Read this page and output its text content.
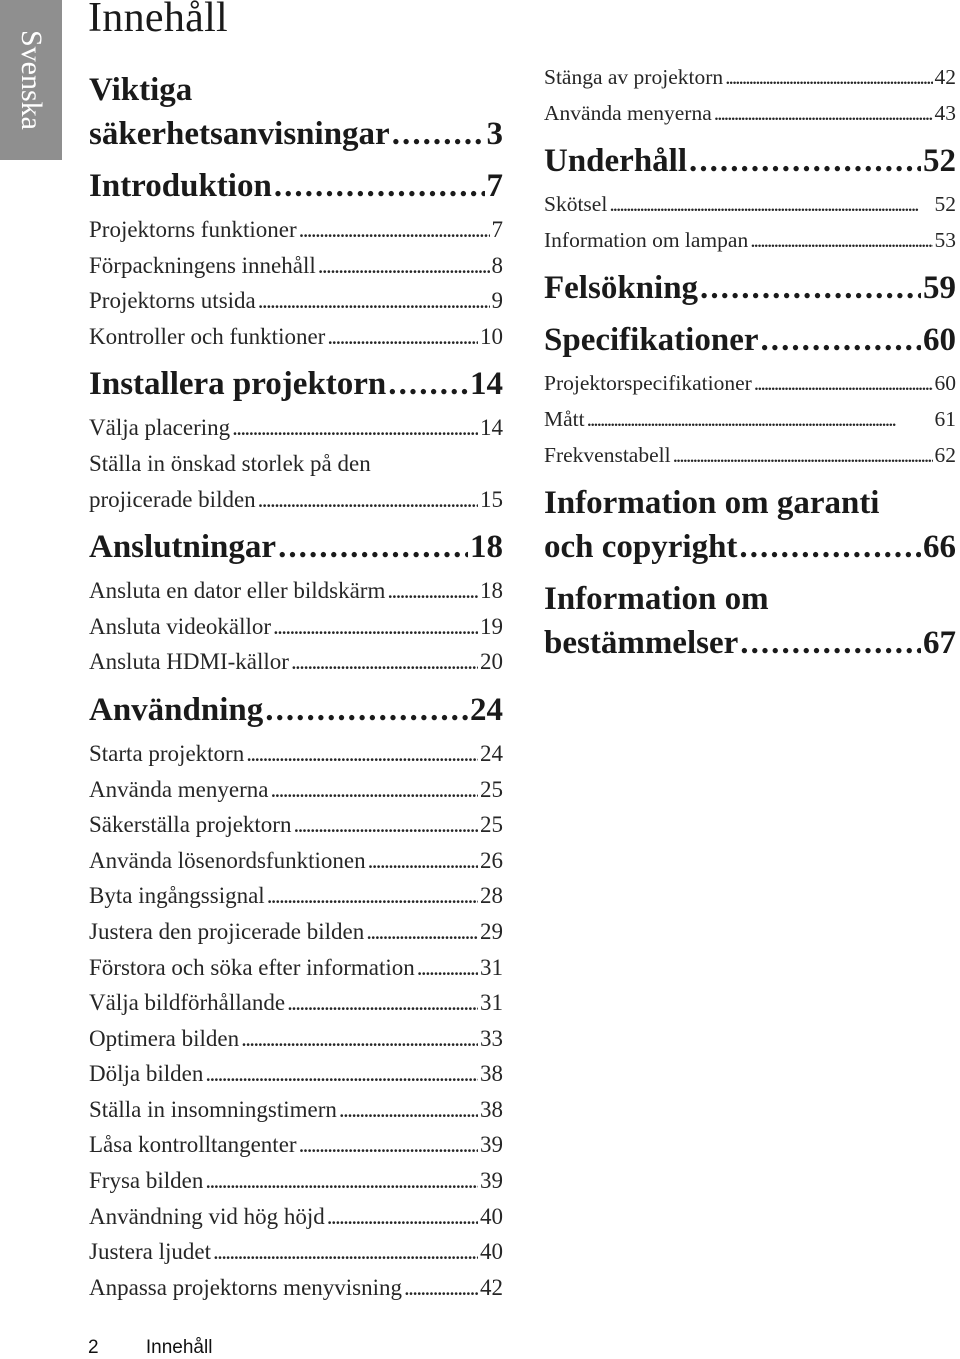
Svenska
Innehåll
Viktiga
säkerhetsanvisningar . . .	3
Introduktion . . .	7
Projektorns funktioner . . .	7
Förpackningens innehåll . . .	8
Projektorns utsida . . .	9
Kontroller och funktioner . . .	10
Installera projektorn . . .	14
Välja placering . . .	14
Ställa in önskad storlek på den
projicerade bilden . . .	15
Anslutningar . . .	18
Ansluta en dator eller bildskärm . . .	18
Ansluta videokällor . . .	19
Ansluta HDMI-källor . . .	20
Användning . . .	24
Starta projektorn . . .	24
Använda menyerna . . .	25
Säkerställa projektorn . . .	25
Använda lösenordsfunktionen . . .	26
Byta ingångssignal . . .	28
Justera den projicerade bilden . . .	29
Förstora och söka efter information . . .	31
Välja bildförhållande . . .	31
Optimera bilden . . .	33
Dölja bilden . . .	38
Ställa in insomningstimern . . .	38
Låsa kontrolltangenter . . .	39
Frysa bilden . . .	39
Användning vid hög höjd . . .	40
Justera ljudet . . .	40
Anpassa projektorns menyvisning . . .	42
Stänga av projektorn . . .	42
Använda menyerna . . .	43
Underhåll . . .	52
Skötsel . . .	52
Information om lampan . . .	53
Felsökning . . .	59
Specifikationer . . .	60
Projektorspecifikationer . . .	60
Mått . . .	61
Frekvenstabell . . .	62
Information om garanti
och copyright . . .	66
Information om
bestämmelser . . .	67
2 Innehåll
